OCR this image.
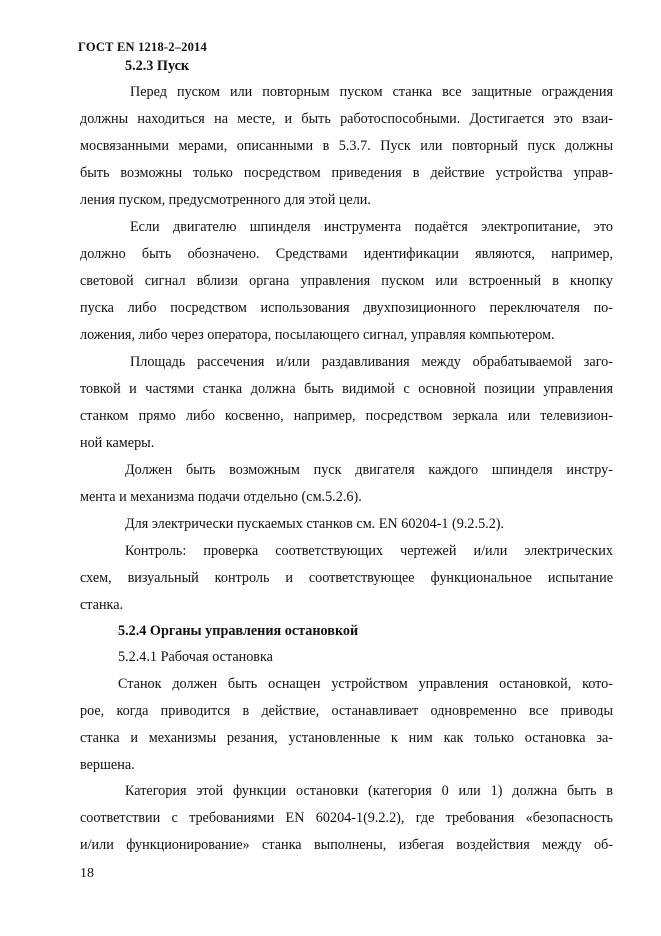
ГОСТ EN 1218-2–2014
5.2.3 Пуск
Перед пуском или повторным пуском станка все защитные ограждения
должны находиться на месте, и быть работоспособными. Достигается это взаи-
мосвязанными мерами, описанными в 5.3.7. Пуск или повторный пуск должны
быть возможны только посредством приведения в действие устройства управ-
ления пуском, предусмотренного для этой цели.
Если двигателю шпинделя инструмента подаётся электропитание, это
должно быть обозначено. Средствами идентификации являются, например,
световой сигнал вблизи органа управления пуском или встроенный в кнопку
пуска либо посредством использования двухпозиционного переключателя по-
ложения, либо через оператора, посылающего сигнал, управляя компьютером.
Площадь рассечения и/или раздавливания между обрабатываемой заго-
товкой и частями станка должна быть видимой с основной позиции управления
станком прямо либо косвенно, например, посредством зеркала или телевизион-
ной камеры.
Должен быть возможным пуск двигателя каждого шпинделя инстру-
мента и механизма подачи отдельно (см.5.2.6).
Для электрически пускаемых станков см. EN 60204-1 (9.2.5.2).
Контроль: проверка соответствующих чертежей и/или электрических
схем, визуальный контроль и соответствующее функциональное испытание
станка.
5.2.4 Органы управления остановкой
5.2.4.1 Рабочая остановка
Станок должен быть оснащен устройством управления остановкой, кото-
рое, когда приводится в действие, останавливает одновременно все приводы
станка и механизмы резания, установленные к ним как только остановка за-
вершена.
Категория этой функции остановки (категория 0 или 1) должна быть в
соответствии с требованиями EN 60204-1(9.2.2), где требования «безопасность
и/или функционирование» станка выполнены, избегая воздействия между об-
18
